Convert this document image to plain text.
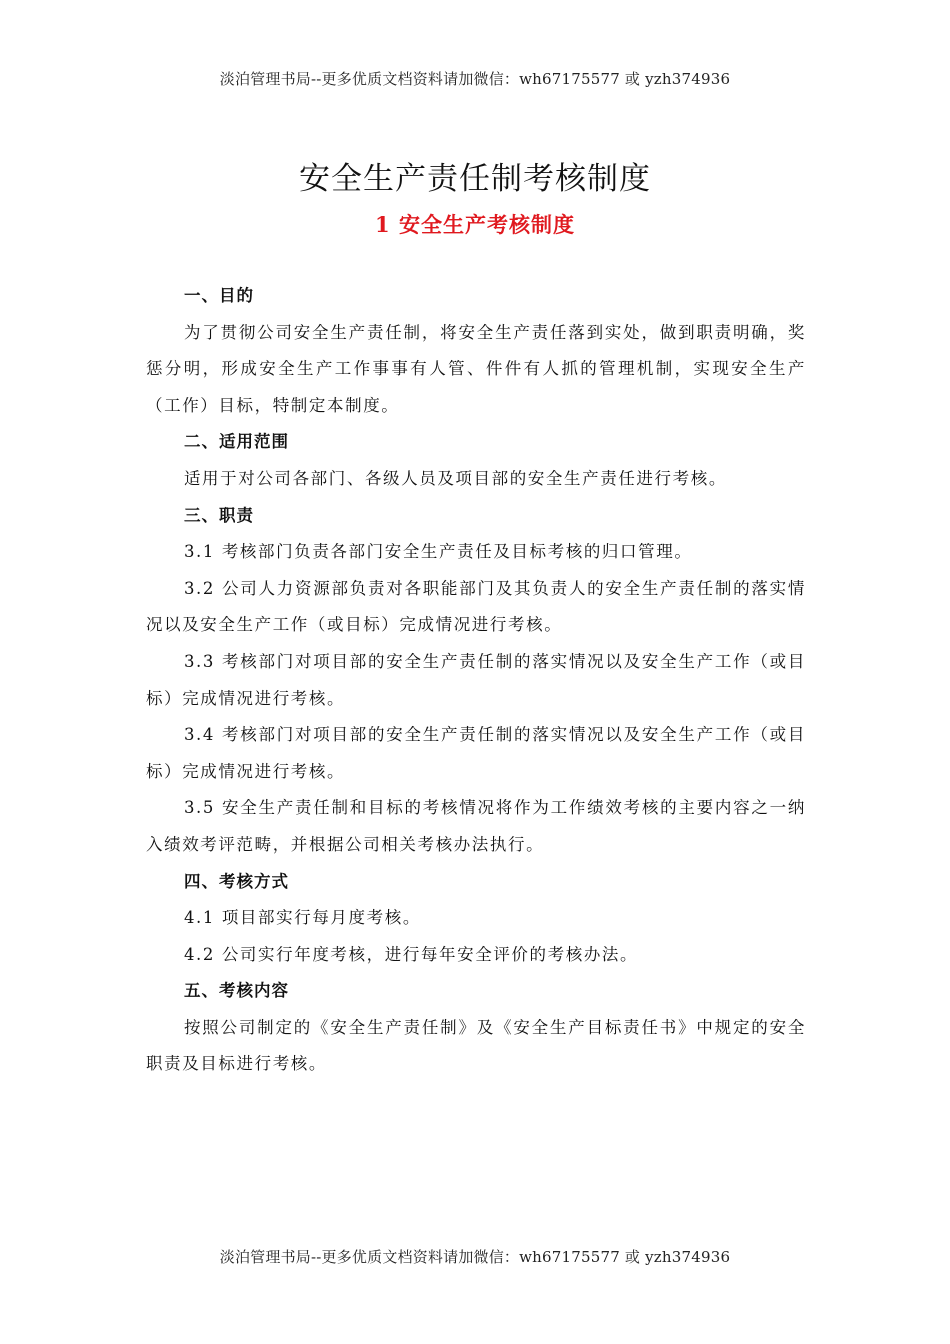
淡泊管理书局--更多优质文档资料请加微信：wh67175577 或 yzh374936
安全生产责任制考核制度
1 安全生产考核制度

一、目的

为了贯彻公司安全生产责任制，将安全生产责任落到实处，做到职责明确，奖惩分明，形成安全生产工作事事有人管、件件有人抓的管理机制，实现安全生产（工作）目标，特制定本制度。

二、适用范围

适用于对公司各部门、各级人员及项目部的安全生产责任进行考核。

三、职责

3.1 考核部门负责各部门安全生产责任及目标考核的归口管理。

3.2 公司人力资源部负责对各职能部门及其负责人的安全生产责任制的落实情况以及安全生产工作（或目标）完成情况进行考核。

3.3 考核部门对项目部的安全生产责任制的落实情况以及安全生产工作（或目标）完成情况进行考核。

3.4 考核部门对项目部的安全生产责任制的落实情况以及安全生产工作（或目标）完成情况进行考核。

3.5 安全生产责任制和目标的考核情况将作为工作绩效考核的主要内容之一纳入绩效考评范畴，并根据公司相关考核办法执行。

四、考核方式

4.1 项目部实行每月度考核。

4.2 公司实行年度考核，进行每年安全评价的考核办法。

五、考核内容

按照公司制定的《安全生产责任制》及《安全生产目标责任书》中规定的安全职责及目标进行考核。

淡泊管理书局--更多优质文档资料请加微信：wh67175577 或 yzh374936
